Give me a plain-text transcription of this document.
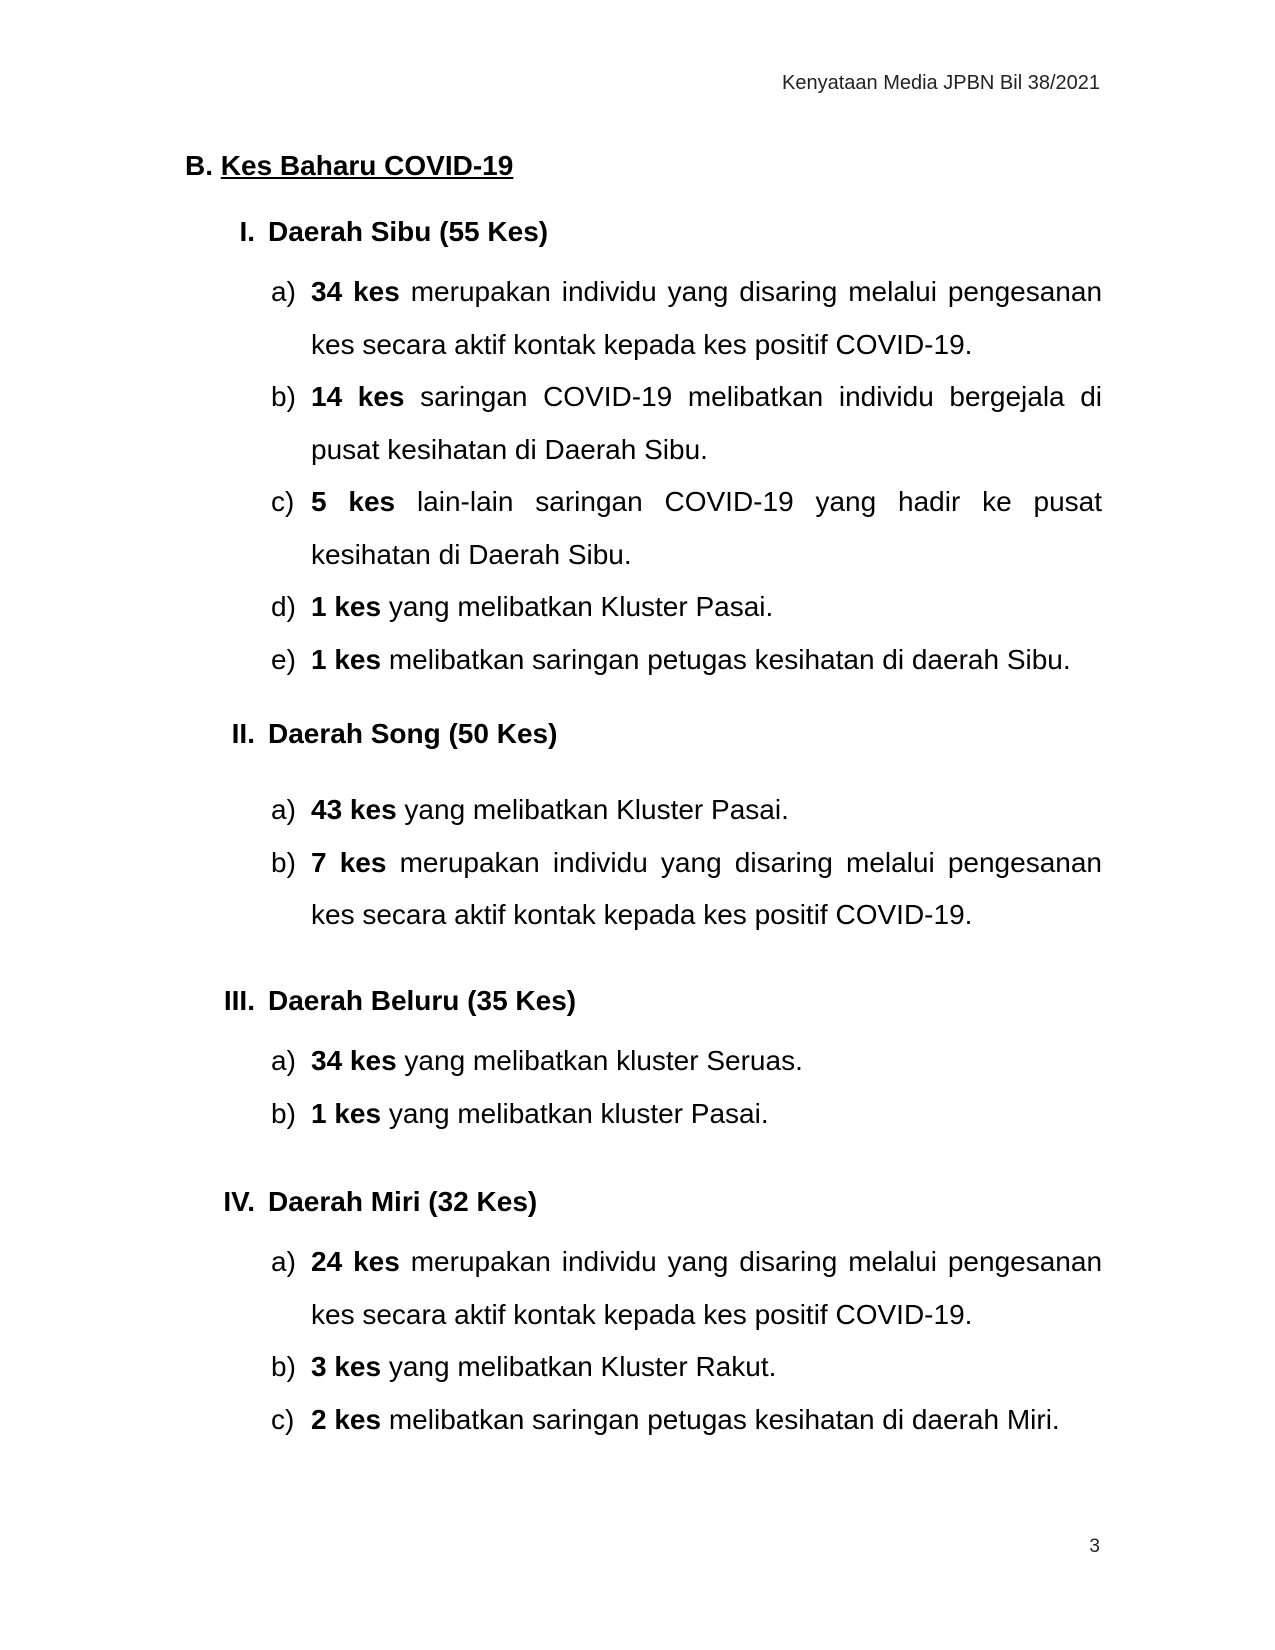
Kenyataan Media JPBN Bil 38/2021
B. Kes Baharu COVID-19
I. Daerah Sibu (55 Kes)
a) 34 kes merupakan individu yang disaring melalui pengesanan kes secara aktif kontak kepada kes positif COVID-19.
b) 14 kes saringan COVID-19 melibatkan individu bergejala di pusat kesihatan di Daerah Sibu.
c) 5 kes lain-lain saringan COVID-19 yang hadir ke pusat kesihatan di Daerah Sibu.
d) 1 kes yang melibatkan Kluster Pasai.
e) 1 kes melibatkan saringan petugas kesihatan di daerah Sibu.
II. Daerah Song (50 Kes)
a) 43 kes yang melibatkan Kluster Pasai.
b) 7 kes merupakan individu yang disaring melalui pengesanan kes secara aktif kontak kepada kes positif COVID-19.
III. Daerah Beluru (35 Kes)
a) 34 kes yang melibatkan kluster Seruas.
b) 1 kes yang melibatkan kluster Pasai.
IV. Daerah Miri (32 Kes)
a) 24 kes merupakan individu yang disaring melalui pengesanan kes secara aktif kontak kepada kes positif COVID-19.
b) 3 kes yang melibatkan Kluster Rakut.
c) 2 kes melibatkan saringan petugas kesihatan di daerah Miri.
3
